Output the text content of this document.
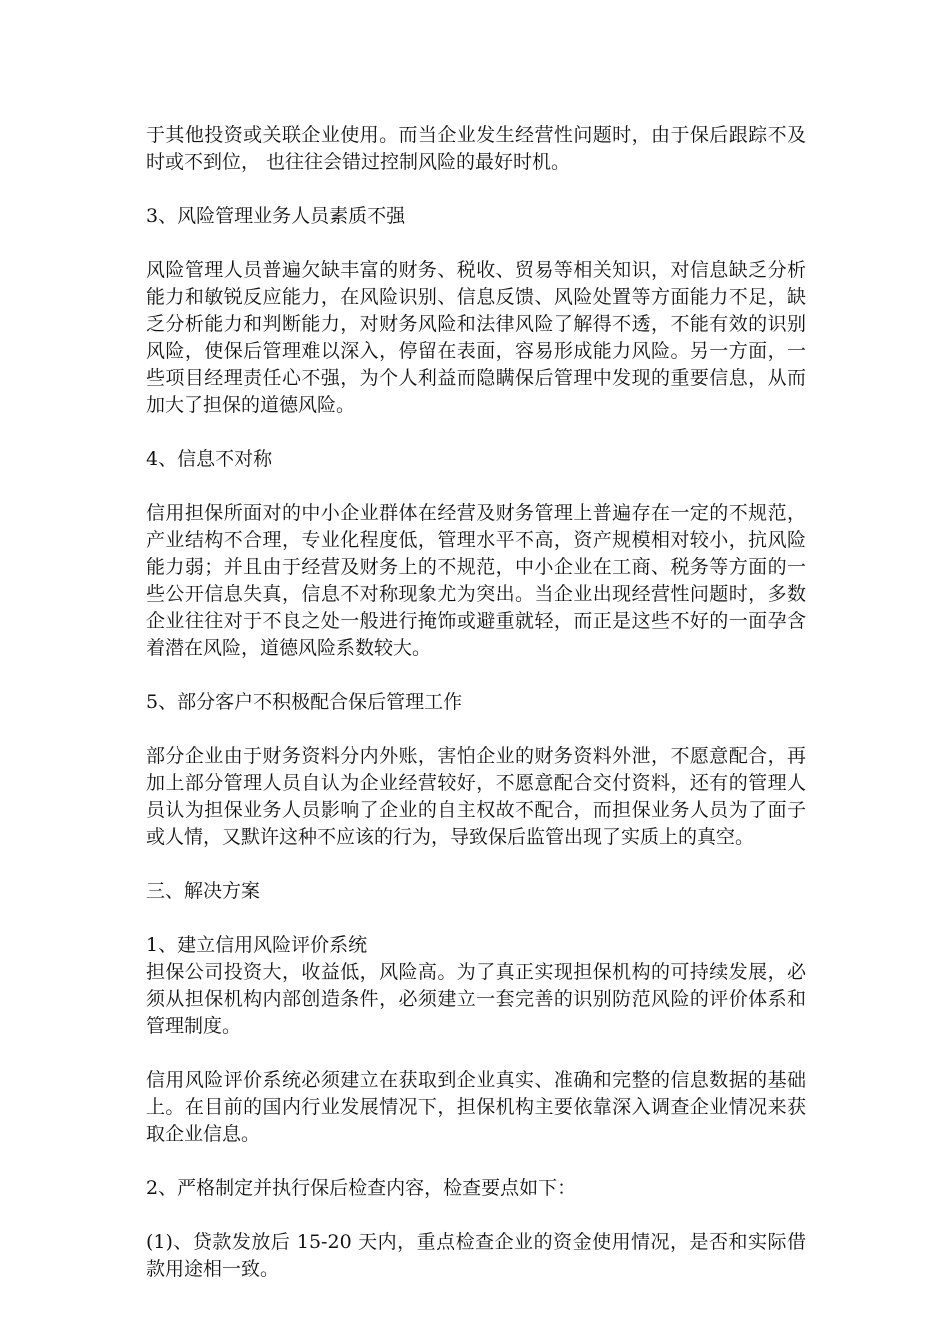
于其他投资或关联企业使用。而当企业发生经营性问题时，由于保后跟踪不及时或不到位， 也往往会错过控制风险的最好时机。

3、风险管理业务人员素质不强

风险管理人员普遍欠缺丰富的财务、税收、贸易等相关知识，对信息缺乏分析能力和敏锐反应能力，在风险识别、信息反馈、风险处置等方面能力不足，缺乏分析能力和判断能力，对财务风险和法律风险了解得不透，不能有效的识别风险，使保后管理难以深入，停留在表面，容易形成能力风险。另一方面，一些项目经理责任心不强，为个人利益而隐瞒保后管理中发现的重要信息，从而加大了担保的道德风险。

4、信息不对称

信用担保所面对的中小企业群体在经营及财务管理上普遍存在一定的不规范，产业结构不合理，专业化程度低，管理水平不高，资产规模相对较小，抗风险能力弱；并且由于经营及财务上的不规范，中小企业在工商、税务等方面的一些公开信息失真，信息不对称现象尤为突出。当企业出现经营性问题时，多数企业往往对于不良之处一般进行掩饰或避重就轻，而正是这些不好的一面孕含着潜在风险，道德风险系数较大。

5、部分客户不积极配合保后管理工作

部分企业由于财务资料分内外账，害怕企业的财务资料外泄，不愿意配合，再加上部分管理人员自认为企业经营较好，不愿意配合交付资料，还有的管理人员认为担保业务人员影响了企业的自主权故不配合，而担保业务人员为了面子或人情，又默许这种不应该的行为，导致保后监管出现了实质上的真空。

三、解决方案

1、建立信用风险评价系统

担保公司投资大，收益低，风险高。为了真正实现担保机构的可持续发展，必须从担保机构内部创造条件，必须建立一套完善的识别防范风险的评价体系和管理制度。

信用风险评价系统必须建立在获取到企业真实、准确和完整的信息数据的基础上。在目前的国内行业发展情况下，担保机构主要依靠深入调查企业情况来获取企业信息。

2、严格制定并执行保后检查内容，检查要点如下：

(1)、贷款发放后 15-20 天内，重点检查企业的资金使用情况，是否和实际借款用途相一致。
